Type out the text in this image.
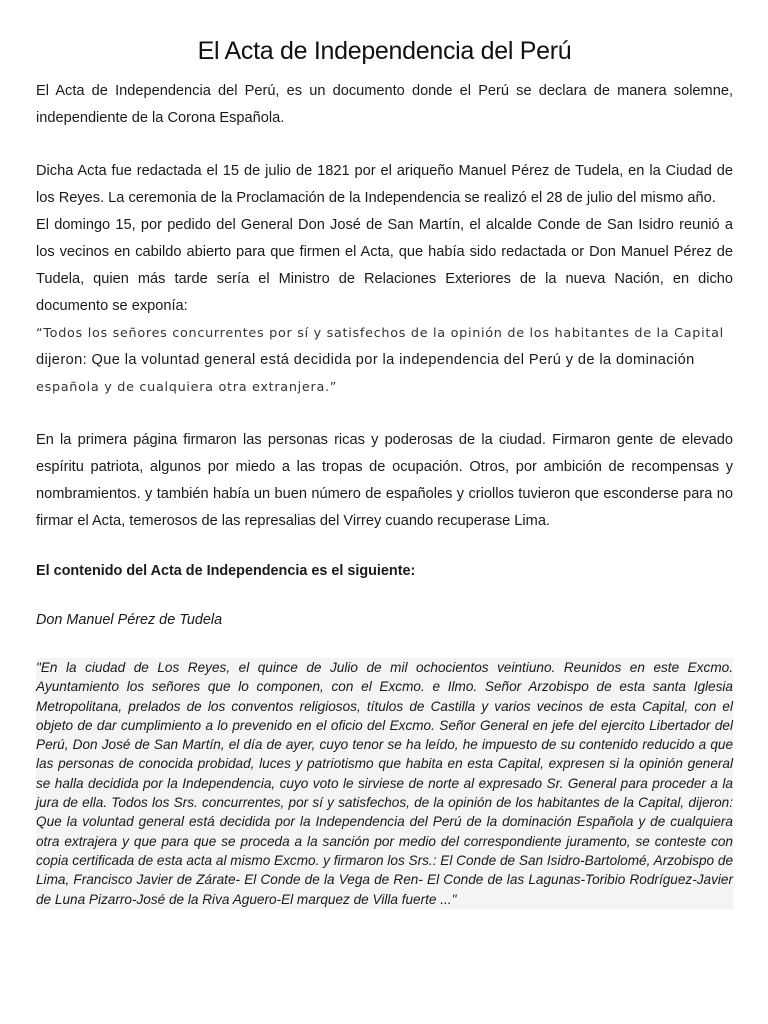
El Acta de Independencia del Perú

El Acta de Independencia del Perú, es un documento donde el Perú se declara de manera solemne, independiente de la Corona Española.

Dicha Acta fue redactada el 15 de julio de 1821 por el ariqueño Manuel Pérez de Tudela, en la Ciudad de los Reyes. La ceremonia de la Proclamación de la Independencia se realizó el 28 de julio del mismo año.

El domingo 15, por pedido del General Don José de San Martín, el alcalde Conde de San Isidro reunió a los vecinos en cabildo abierto para que firmen el Acta, que había sido redactada or Don Manuel Pérez de Tudela, quien más tarde sería el Ministro de Relaciones Exteriores de la nueva Nación, en dicho documento se exponía:

“Todos los señores concurrentes por sí y satisfechos de la opinión de los habitantes de la Capital
dijeron: Que la voluntad general está decidida por la independencia del Perú y de la dominación
española y de cualquiera otra extranjera.”

En la primera página firmaron las personas ricas y poderosas de la ciudad. Firmaron gente de elevado espíritu patriota, algunos por miedo a las tropas de ocupación. Otros, por ambición de recompensas y nombramientos. y también había un buen número de españoles y criollos tuvieron que esconderse para no firmar el Acta, temerosos de las represalias del Virrey cuando recuperase Lima.

El contenido del Acta de Independencia es el siguiente:

Don Manuel Pérez de Tudela

"En la ciudad de Los Reyes, el quince de Julio de mil ochocientos veintiuno. Reunidos en este Excmo. Ayuntamiento los señores que lo componen, con el Excmo. e Ilmo. Señor Arzobispo de esta santa Iglesia Metropolitana, prelados de los conventos religiosos, títulos de Castilla y varios vecinos de esta Capital, con el objeto de dar cumplimiento a lo prevenido en el oficio del Excmo. Señor General en jefe del ejercito Libertador del Perú, Don José de San Martín, el día de ayer, cuyo tenor se ha leído, he impuesto de su contenido reducido a que las personas de conocida probidad, luces y patriotismo que habita en esta Capital, expresen si la opinión general se halla decidida por la Independencia, cuyo voto le sirviese de norte al expresado Sr. General para proceder a la jura de ella. Todos los Srs. concurrentes, por sí y satisfechos, de la opinión de los habitantes de la Capital, dijeron: Que la voluntad general está decidida por la Independencia del Perú de la dominación Española y de cualquiera otra extrajera y que para que se proceda a la sanción por medio del correspondiente juramento, se conteste con copia certificada de esta acta al mismo Excmo. y firmaron los Srs.: El Conde de San Isidro-Bartolomé, Arzobispo de Lima, Francisco Javier de Zárate- El Conde de la Vega de Ren- El Conde de las Lagunas-Toribio Rodríguez-Javier de Luna Pizarro-José de la Riva Aguero-El marquez de Villa fuerte ..."
